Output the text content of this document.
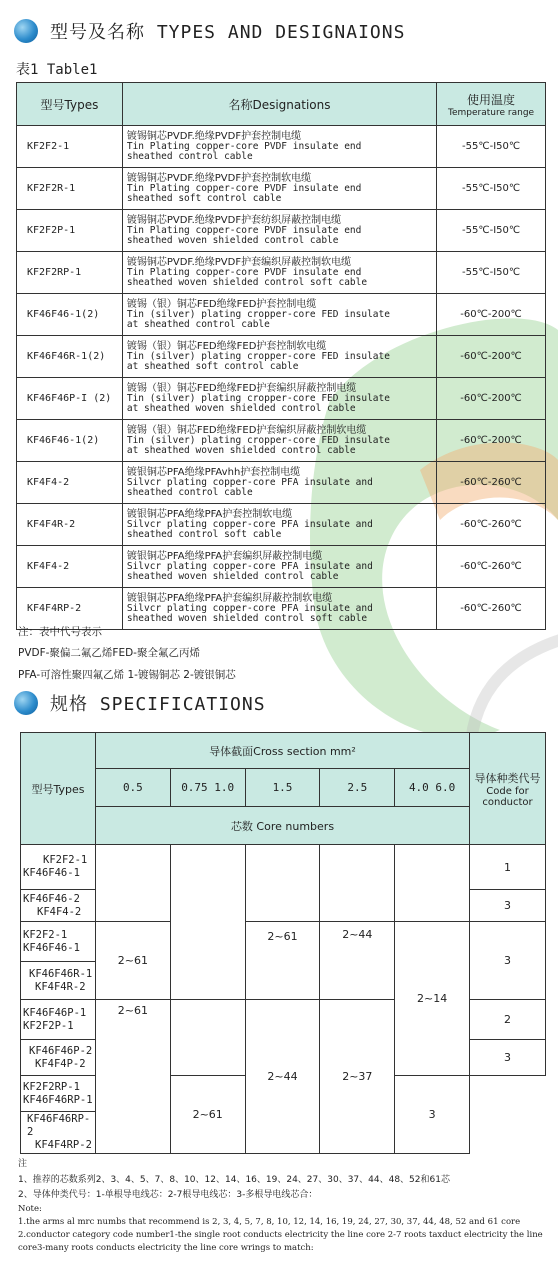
型号及名称 TYPES AND DESIGNAIONS
表1 Table1
型号Types	名称Designations	使用温度
Temperature range

KF2F2-1	镀锡铜芯PVDF.绝缘PVDF护套控制电缆
Tin Plating copper-core PVDF insulate end
sheathed control cable	-55℃-I50℃
KF2F2R-1	镀锡铜芯PVDF.绝缘PVDF护套控制软电缆
Tin Plating copper-core PVDF insulate end
sheathed soft control cable	-55℃-I50℃
KF2F2P-1	镀锡铜芯PVDF.绝缘PVDF护套纺织屏蔽控制电缆
Tin Plating copper-core PVDF insulate end
sheathed woven shielded control cable	-55℃-I50℃
KF2F2RP-1	镀锡铜芯PVDF.绝缘PVDF护套编织屏蔽控制软电缆
Tin Plating copper-core PVDF insulate end
sheathed woven shielded control soft cable	-55℃-I50℃
KF46F46-1(2)	镀锡（银）铜芯FED绝缘FED护套控制电缆
Tin (silver) plating cropper-core FED insulate
at sheathed control cable	-60℃-200℃
KF46F46R-1(2)	镀锡（银）铜芯FED绝缘FED护套控制软电缆
Tin (silver) plating cropper-core FED insulate
at sheathed soft control cable	-60℃-200℃
KF46F46P-I (2)	镀锡（银）铜芯FED绝缘FED护套编织屏蔽控制电缆
Tin (silver) plating cropper-core FED insulate
at sheathed woven shielded control cable	-60℃-200℃
KF46F46-1(2)	镀锡（银）铜芯FED绝缘FED护套编织屏蔽控制软电缆
Tin (silver) plating cropper-core FED insulate
at sheathed woven shielded control cable	-60℃-200℃
KF4F4-2	镀银铜芯PFA绝缘PFAvhh护套控制电缆
Silvcr plating copper-core PFA insulate and
sheathed control cable	-60℃-260℃
KF4F4R-2	镀银铜芯PFA绝缘PFA护套控制软电缆
Silvcr plating copper-core PFA insulate and
sheathed control soft cable	-60℃-260℃
KF4F4-2	镀银铜芯PFA绝缘PFA护套编织屏蔽控制电缆
Silvcr plating copper-core PFA insulate and
sheathed woven shielded control cable	-60℃-260℃
KF4F4RP-2	镀银铜芯PFA绝缘PFA护套编织屏蔽控制软电缆
Silvcr plating copper-core PFA insulate and
sheathed woven shielded control soft cable	-60℃-260℃
注：表中代号表示
PVDF-聚偏二氟乙烯FED-聚全氟乙丙烯
PFA-可溶性聚四氟乙烯 1-镀锡铜芯 2-镀银铜芯
规格 SPECIFICATIONS
型号Types	导体截面Cross section mm²					导体种类代号
Code for conductor

	0.5	0.75 1.0	1.5	2.5	4.0 6.0	
	芯数 Core numbers					

KF2F2-1
KF46F46-1						1

KF46F46-2
KF4F4-2						3

KF2F2-1
KF46F46-1	2~61		2~61	2~44	2~14	3

KF46F46R-1
KF4F4R-2						

KF46F46P-1
KF2F2P-1	2~61		2~44	2~37		2

KF46F46P-2
KF4F4P-2						3

KF2F2RP-1
KF46F46RP-1		2~61			3	

KF46F46RP-2
KF4F4RP-2						
注
1、推荐的芯数系列2、3、4、5、7、8、10、12、14、16、19、24、27、30、37、44、48、52和61芯
2、导体仲类代号：1-单根导电线芯：2-7根导电线芯：3-多根导电线芯合：
Note:
1.the arms al mrc numbs that recommend is 2, 3, 4, 5, 7, 8, 10, 12, 14, 16, 19, 24, 27, 30, 37, 44, 48, 52 and 61 core
2.conductor category code number1-the single root conducts electricity the line core 2-7 roots taxduct electricity the line
core3-many roots conducts electricity the line core wrings to match:
